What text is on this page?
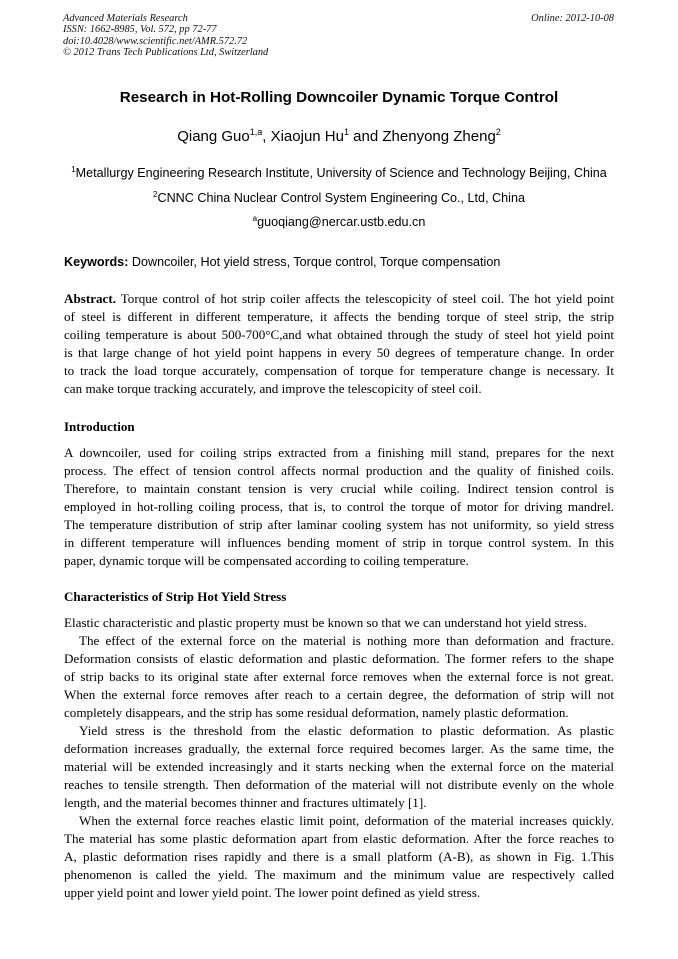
Advanced Materials Research
ISSN: 1662-8985, Vol. 572, pp 72-77
doi:10.4028/www.scientific.net/AMR.572.72
© 2012 Trans Tech Publications Ltd, Switzerland
Online: 2012-10-08
Research in Hot-Rolling Downcoiler Dynamic Torque Control
Qiang Guo$^{1,a}$, Xiaojun Hu$^1$ and Zhenyong Zheng$^2$
$^1$Metallurgy Engineering Research Institute, University of Science and Technology Beijing, China
$^2$CNNC China Nuclear Control System Engineering Co., Ltd, China
$^a$guoqiang@nercar.ustb.edu.cn
Keywords: Downcoiler, Hot yield stress, Torque control, Torque compensation
Abstract. Torque control of hot strip coiler affects the telescopicity of steel coil. The hot yield point
of steel is different in different temperature, it affects the bending torque of steel strip, the strip
coiling temperature is about 500-700°C,and what obtained through the study of steel hot yield point
is that large change of hot yield point happens in every 50 degrees of temperature change. In order
to track the load torque accurately, compensation of torque for temperature change is necessary. It
can make torque tracking accurately, and improve the telescopicity of steel coil.
Introduction
A downcoiler, used for coiling strips extracted from a finishing mill stand, prepares for the next
process. The effect of tension control affects normal production and the quality of finished coils.
Therefore, to maintain constant tension is very crucial while coiling. Indirect tension control is
employed in hot-rolling coiling process, that is, to control the torque of motor for driving mandrel.
The temperature distribution of strip after laminar cooling system has not uniformity, so yield stress
in different temperature will influences bending moment of strip in torque control system. In this
paper, dynamic torque will be compensated according to coiling temperature.
Characteristics of Strip Hot Yield Stress
Elastic characteristic and plastic property must be known so that we can understand hot yield stress.
The effect of the external force on the material is nothing more than deformation and fracture.
Deformation consists of elastic deformation and plastic deformation. The former refers to the shape
of strip backs to its original state after external force removes when the external force is not great.
When the external force removes after reach to a certain degree, the deformation of strip will not
completely disappears, and the strip has some residual deformation, namely plastic deformation.
Yield stress is the threshold from the elastic deformation to plastic deformation. As plastic
deformation increases gradually, the external force required becomes larger. As the same time, the
material will be extended increasingly and it starts necking when the external force on the material
reaches to tensile strength. Then deformation of the material will not distribute evenly on the whole
length, and the material becomes thinner and fractures ultimately [1].
When the external force reaches elastic limit point, deformation of the material increases quickly.
The material has some plastic deformation apart from elastic deformation. After the force reaches to
A, plastic deformation rises rapidly and there is a small platform (A-B), as shown in Fig. 1.This
phenomenon is called the yield. The maximum and the minimum value are respectively called
upper yield point and lower yield point. The lower point defined as yield stress.
